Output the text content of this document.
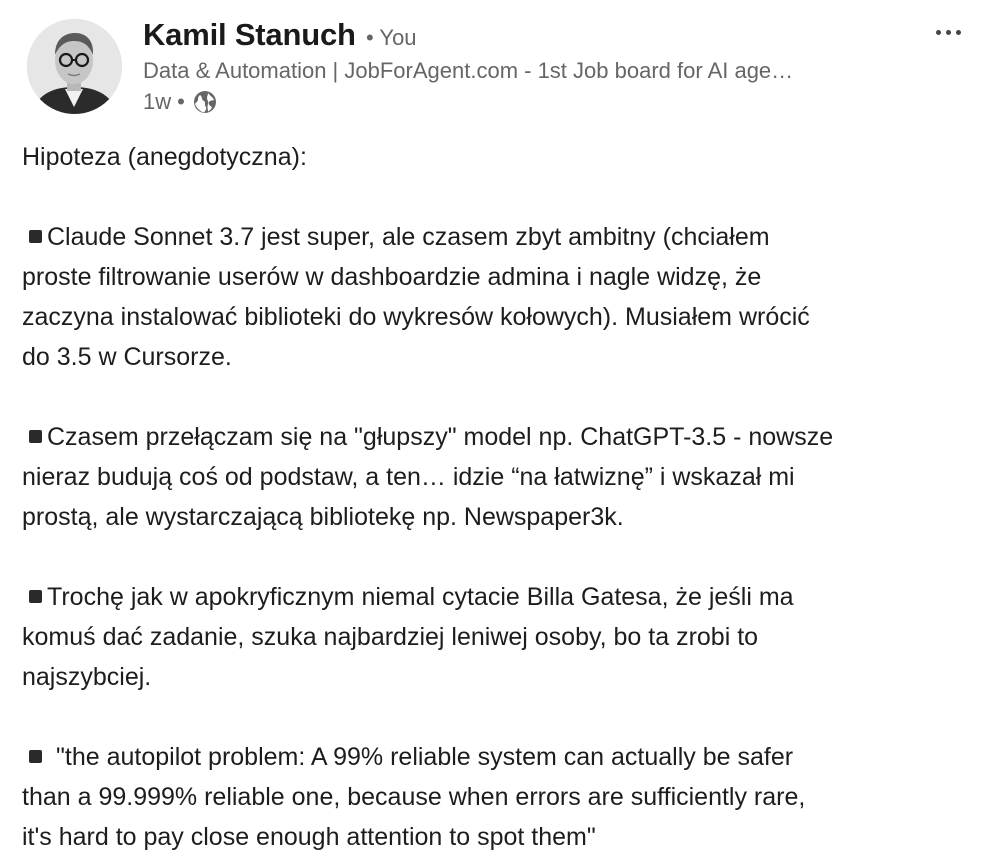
Kamil Stanuch • You
Data & Automation | JobForAgent.com - 1st Job board for AI age…
1w •
Hipoteza (anegdotyczna):
Claude Sonnet 3.7 jest super, ale czasem zbyt ambitny (chciałem
proste filtrowanie userów w dashboardzie admina i nagle widzę, że
zaczyna instalować biblioteki do wykresów kołowych). Musiałem wrócić
do 3.5 w Cursorze.
Czasem przełączam się na "głupszy" model np. ChatGPT-3.5 - nowsze
nieraz budują coś od podstaw, a ten… idzie “na łatwiznę” i wskazał mi
prostą, ale wystarczającą bibliotekę np. Newspaper3k.
Trochę jak w apokryficznym niemal cytacie Billa Gatesa, że jeśli ma
komuś dać zadanie, szuka najbardziej leniwej osoby, bo ta zrobi to
najszybciej.
"the autopilot problem: A 99% reliable system can actually be safer
than a 99.999% reliable one, because when errors are sufficiently rare,
it's hard to pay close enough attention to spot them"
